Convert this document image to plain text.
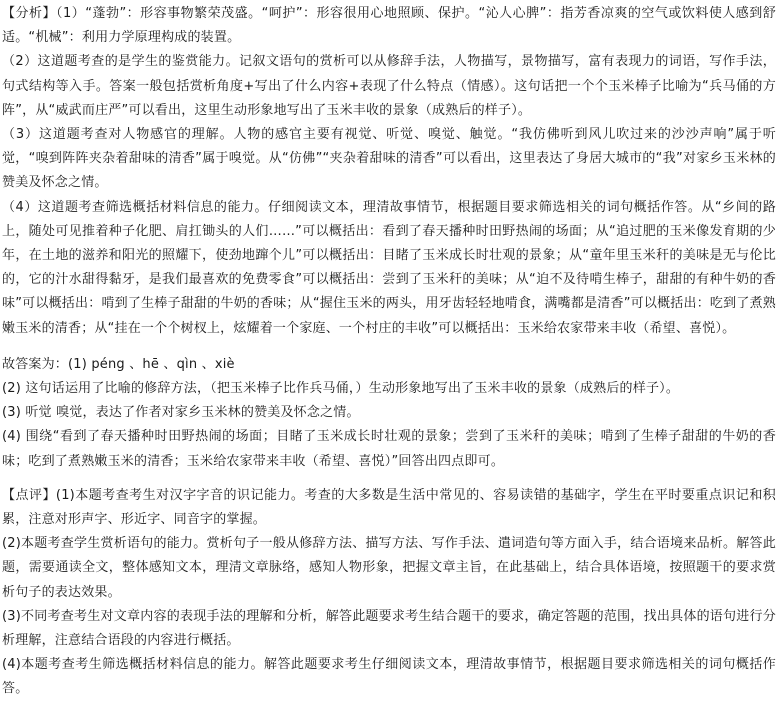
【分析】（1）“蓬勃”：形容事物繁荣茂盛。“呵护”：形容很用心地照顾、保护。“沁人心脾”：指芳香凉爽的空气或饮料使人感到舒适。“机械”：利用力学原理构成的装置。

（2）这道题考查的是学生的鉴赏能力。记叙文语句的赏析可以从修辞手法，人物描写，景物描写，富有表现力的词语，写作手法，句式结构等入手。答案一般包括赏析角度+写出了什么内容+表现了什么特点（情感）。这句话把一个个玉米棒子比喻为“兵马俑的方阵”，从“威武而庄严”可以看出，这里生动形象地写出了玉米丰收的景象（成熟后的样子）。

（3）这道题考查对人物感官的理解。人物的感官主要有视觉、听觉、嗅觉、触觉。“我仿佛听到风儿吹过来的沙沙声响”属于听觉，“嗅到阵阵夹杂着甜味的清香”属于嗅觉。从“仿佛”“夹杂着甜味的清香”可以看出，这里表达了身居大城市的“我”对家乡玉米林的赞美及怀念之情。

（4）这道题考查筛选概括材料信息的能力。仔细阅读文本，理清故事情节，根据题目要求筛选相关的词句概括作答。从“乡间的路上，随处可见推着种子化肥、肩扛锄头的人们……”可以概括出：看到了春天播种时田野热闹的场面；从“追过肥的玉米像发育期的少年，在土地的滋养和阳光的照耀下，使劲地蹿个儿”可以概括出：目睹了玉米成长时壮观的景象；从“童年里玉米秆的美味是无与伦比的，它的汁水甜得黏牙，是我们最喜欢的免费零食”可以概括出：尝到了玉米秆的美味；从“迫不及待啃生棒子，甜甜的有种牛奶的香味”可以概括出：啃到了生棒子甜甜的牛奶的香味；从“握住玉米的两头，用牙齿轻轻地啃食，满嘴都是清香”可以概括出：吃到了煮熟嫩玉米的清香；从“挂在一个个树杈上，炫耀着一个家庭、一个村庄的丰收”可以概括出：玉米给农家带来丰收（希望、喜悦）。

故答案为：(1) péng 、hē 、qìn 、xiè

(2) 这句话运用了比喻的修辞方法，（把玉米棒子比作兵马俑，）生动形象地写出了玉米丰收的景象（成熟后的样子）。

(3) 听觉 嗅觉，表达了作者对家乡玉米林的赞美及怀念之情。

(4) 围绕“看到了春天播种时田野热闹的场面；目睹了玉米成长时壮观的景象；尝到了玉米秆的美味；啃到了生棒子甜甜的牛奶的香味；吃到了煮熟嫩玉米的清香；玉米给农家带来丰收（希望、喜悦）”回答出四点即可。

【点评】(1)本题考查考生对汉字字音的识记能力。考查的大多数是生活中常见的、容易读错的基础字，学生在平时要重点识记和积累，注意对形声字、形近字、同音字的掌握。

(2)本题考查学生赏析语句的能力。赏析句子一般从修辞方法、描写方法、写作手法、遣词造句等方面入手，结合语境来品析。解答此题，需要通读全文，整体感知文本，理清文章脉络，感知人物形象，把握文章主旨，在此基础上，结合具体语境，按照题干的要求赏析句子的表达效果。

(3)不同考查考生对文章内容的表现手法的理解和分析，解答此题要求考生结合题干的要求，确定答题的范围，找出具体的语句进行分析理解，注意结合语段的内容进行概括。

(4)本题考查考生筛选概括材料信息的能力。解答此题要求考生仔细阅读文本，理清故事情节，根据题目要求筛选相关的词句概括作答。
